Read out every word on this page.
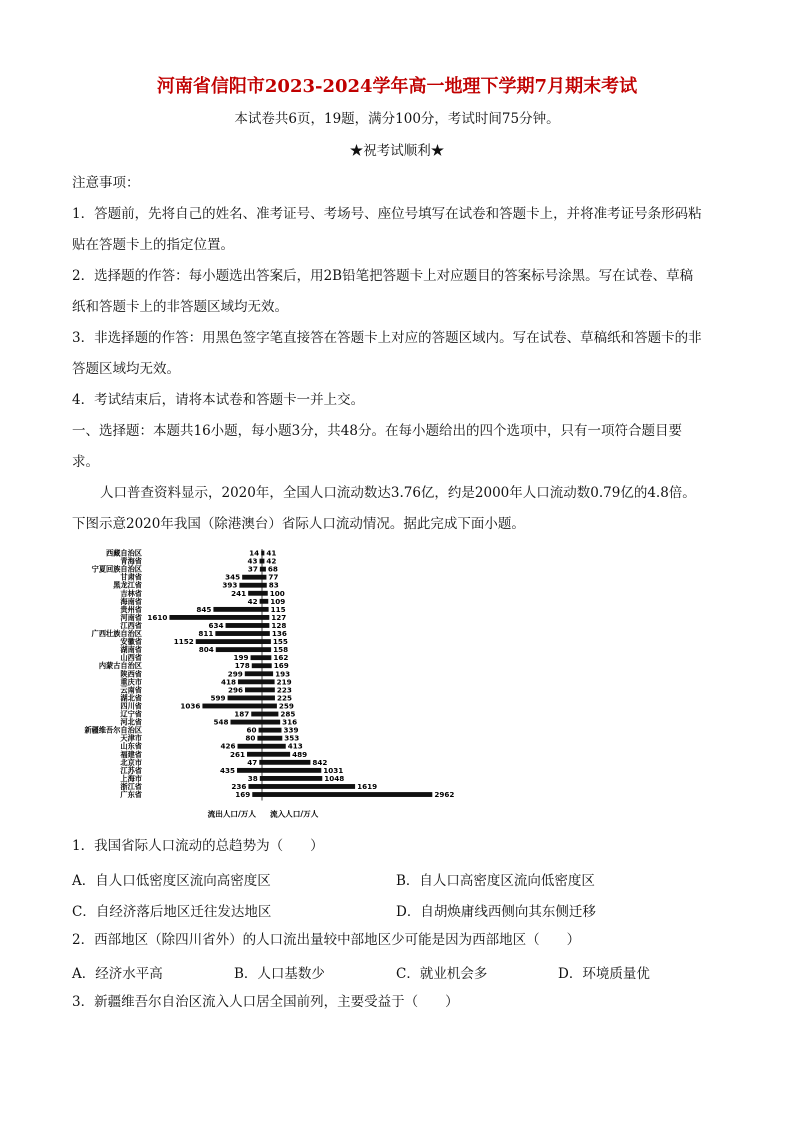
河南省信阳市2023-2024学年高一地理下学期7月期末考试
本试卷共6页，19题，满分100分，考试时间75分钟。
★祝考试顺利★
注意事项：
1．答题前，先将自己的姓名、准考证号、考场号、座位号填写在试卷和答题卡上，并将准考证号条形码粘
贴在答题卡上的指定位置。
2．选择题的作答：每小题选出答案后，用2B铅笔把答题卡上对应题目的答案标号涂黑。写在试卷、草稿
纸和答题卡上的非答题区域均无效。
3．非选择题的作答：用黑色签字笔直接答在答题卡上对应的答题区域内。写在试卷、草稿纸和答题卡的非
答题区域均无效。
4．考试结束后，请将本试卷和答题卡一并上交。
一、选择题：本题共16小题，每小题3分，共48分。在每小题给出的四个选项中，只有一项符合题目要
求。
人口普查资料显示，2020年，全国人口流动数达3.76亿，约是2000年人口流动数0.79亿的4.8倍。
下图示意2020年我国（除港澳台）省际人口流动情况。据此完成下面小题。
西藏自治区	14 41
青海省	43 42
宁夏回族自治区	37 68
甘肃省	345	77
黑龙江省	393	83
吉林省	241	100
海南省	42 109
贵州省	845	115
河南省 1610	127
江西省	634	128
广西壮族自治区	811	136
安徽省	1152	155
湖南省	804	158
山西省	199	162
内蒙古自治区	178	169
陕西省	299	193
重庆市	418	219
云南省	296	223
湖北省	599	225
四川省	1036	259
辽宁省	187	285
河北省	548	316
新疆维吾尔自治区	60	339
天津市	80	353
山东省	426	413
福建省	261	489
北京市	47	842
江苏省	435	1031
上海市	38	1048
浙江省	236	1619
广东省	169	2962
流出人口/万人 流入人口/万人
1．我国省际人口流动的总趋势为（　　）
A．自人口低密度区流向高密度区	B．自人口高密度区流向低密度区
C．自经济落后地区迁往发达地区	D．自胡焕庸线西侧向其东侧迁移
2．西部地区（除四川省外）的人口流出量较中部地区少可能是因为西部地区（　　）
A．经济水平高	B．人口基数少	C．就业机会多	D．环境质量优
3．新疆维吾尔自治区流入人口居全国前列，主要受益于（　　）
